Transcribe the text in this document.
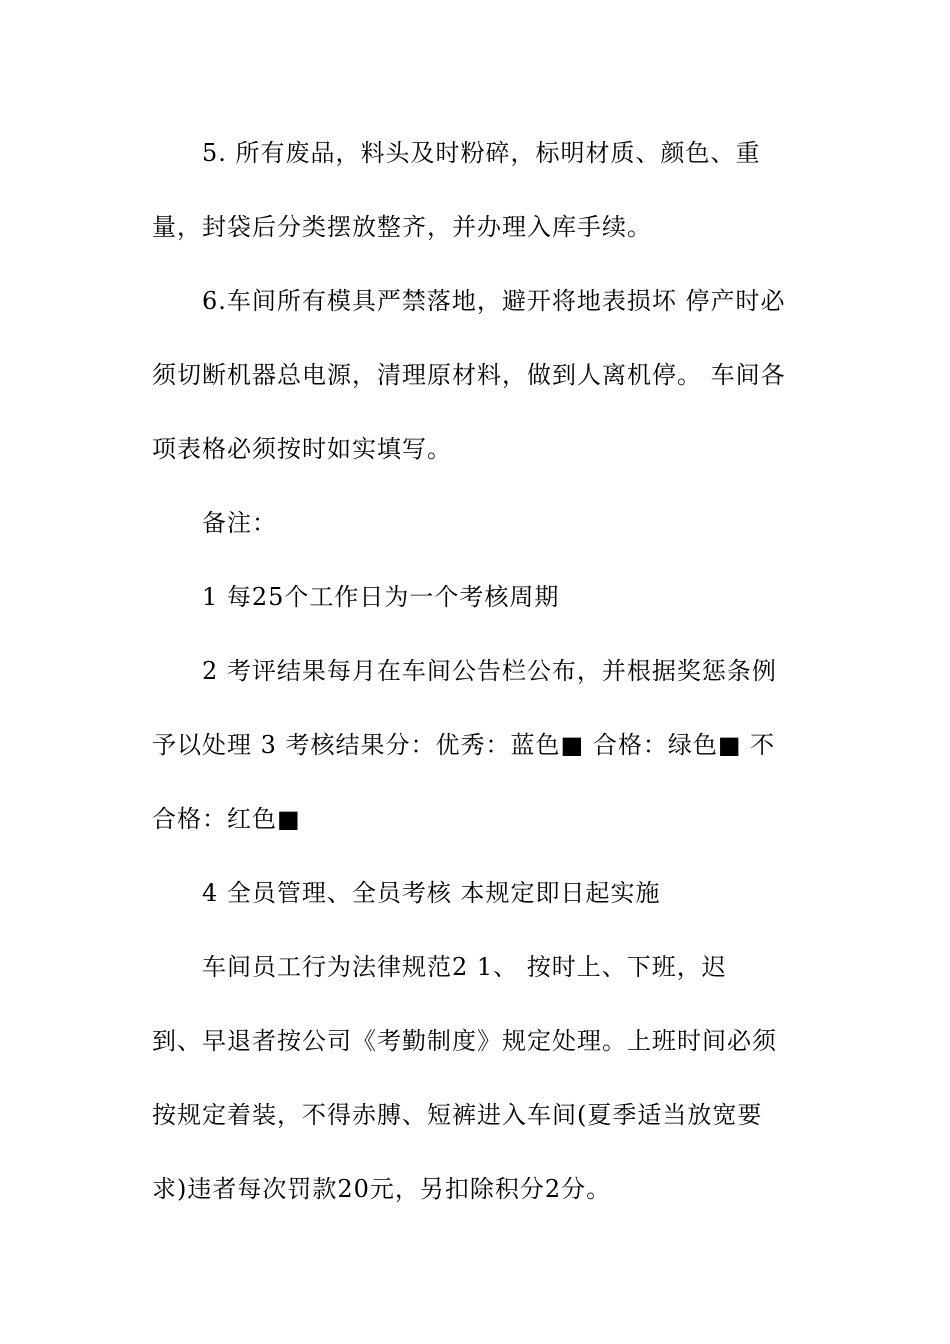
5. 所有废品，料头及时粉碎，标明材质、颜色、重
量，封袋后分类摆放整齐，并办理入库手续。
6.车间所有模具严禁落地，避开将地表损坏 停产时必
须切断机器总电源，清理原材料，做到人离机停。 车间各
项表格必须按时如实填写。
备注：
1 每25个工作日为一个考核周期
2 考评结果每月在车间公告栏公布，并根据奖惩条例
予以处理 3 考核结果分：优秀：蓝色■ 合格：绿色■ 不
合格：红色■
4 全员管理、全员考核 本规定即日起实施
车间员工行为法律规范2 1、 按时上、下班，迟
到、早退者按公司《考勤制度》规定处理。上班时间必须
按规定着装，不得赤膊、短裤进入车间(夏季适当放宽要
求)违者每次罚款20元，另扣除积分2分。
